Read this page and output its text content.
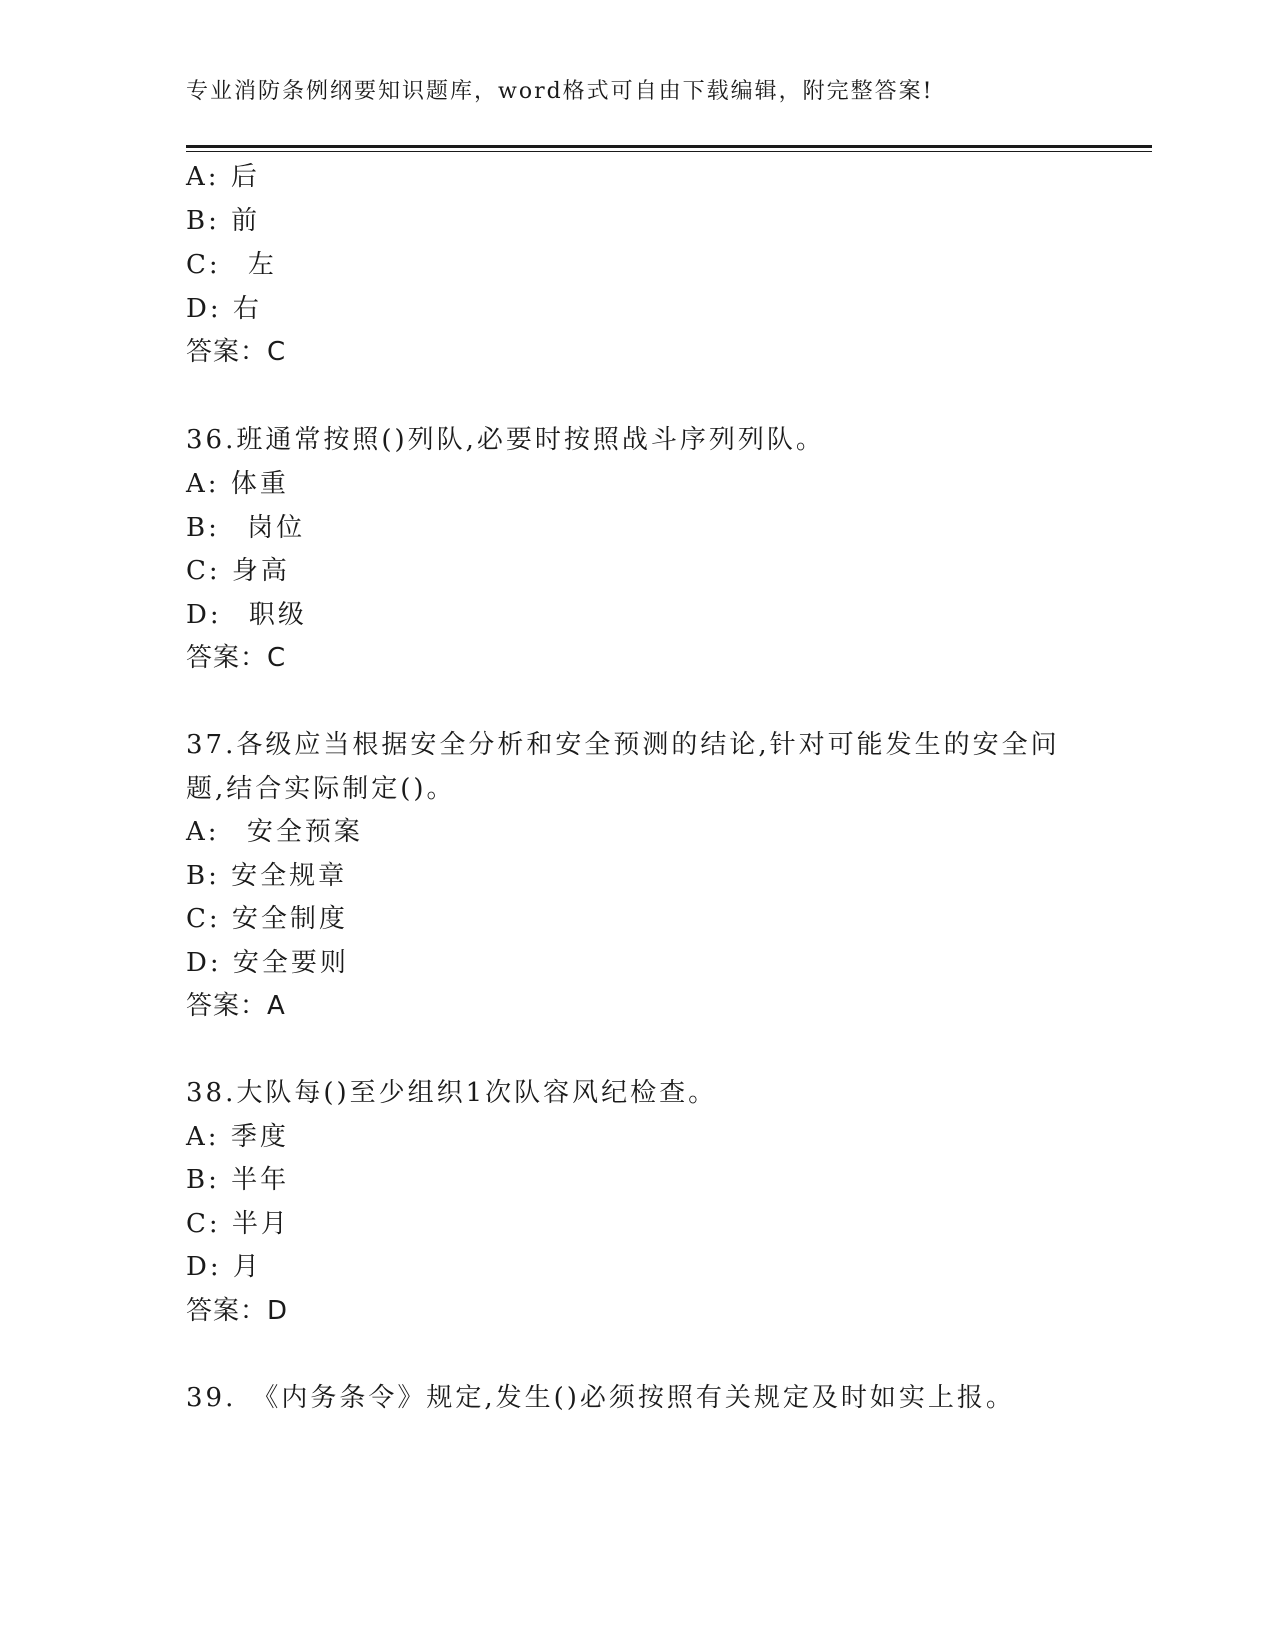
专业消防条例纲要知识题库，word格式可自由下载编辑，附完整答案!
A: 后
B: 前
C: 左
D: 右
答案：C
36.班通常按照()列队,必要时按照战斗序列列队。
A: 体重
B: 岗位
C: 身高
D: 职级
答案：C
37.各级应当根据安全分析和安全预测的结论,针对可能发生的安全问
题,结合实际制定()。
A: 安全预案
B: 安全规章
C: 安全制度
D: 安全要则
答案：A
38.大队每()至少组织1次队容风纪检查。
A: 季度
B: 半年
C: 半月
D: 月
答案：D
39.　《内务条令》规定,发生()必须按照有关规定及时如实上报。
